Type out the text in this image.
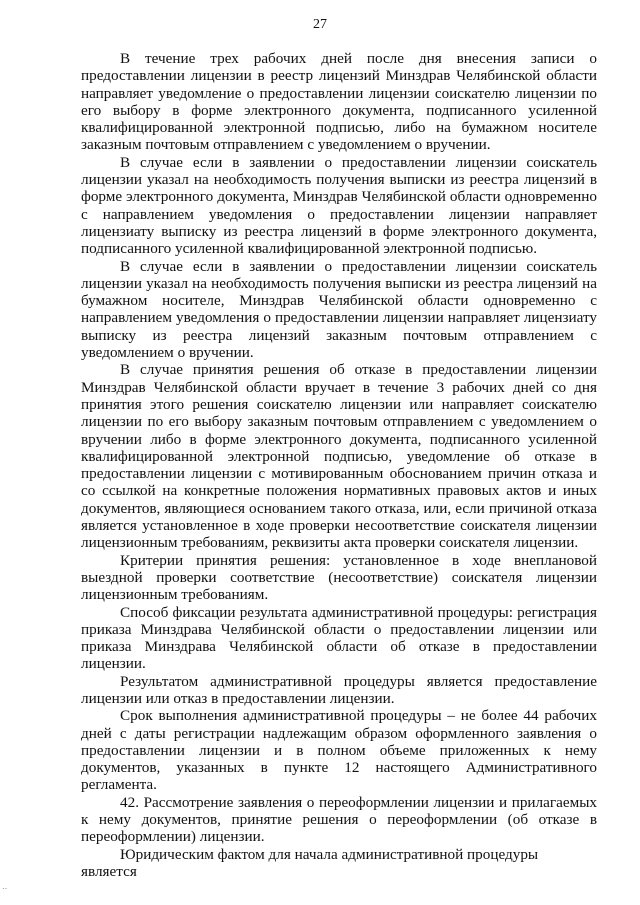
27

В течение трех рабочих дней после дня внесения записи о предоставлении лицензии в реестр лицензий Минздрав Челябинской области направляет уведомление о предоставлении лицензии соискателю лицензии по его выбору в форме электронного документа, подписанного усиленной квалифицированной электронной подписью, либо на бумажном носителе заказным почтовым отправлением с уведомлением о вручении.

В случае если в заявлении о предоставлении лицензии соискатель лицензии указал на необходимость получения выписки из реестра лицензий в форме электронного документа, Минздрав Челябинской области одновременно с направлением уведомления о предоставлении лицензии направляет лицензиату выписку из реестра лицензий в форме электронного документа, подписанного усиленной квалифицированной электронной подписью.

В случае если в заявлении о предоставлении лицензии соискатель лицензии указал на необходимость получения выписки из реестра лицензий на бумажном носителе, Минздрав Челябинской области одновременно с направлением уведомления о предоставлении лицензии направляет лицензиату выписку из реестра лицензий заказным почтовым отправлением с уведомлением о вручении.

В случае принятия решения об отказе в предоставлении лицензии Минздрав Челябинской области вручает в течение 3 рабочих дней со дня принятия этого решения соискателю лицензии или направляет соискателю лицензии по его выбору заказным почтовым отправлением с уведомлением о вручении либо в форме электронного документа, подписанного усиленной квалифицированной электронной подписью, уведомление об отказе в предоставлении лицензии с мотивированным обоснованием причин отказа и со ссылкой на конкретные положения нормативных правовых актов и иных документов, являющиеся основанием такого отказа, или, если причиной отказа является установленное в ходе проверки несоответствие соискателя лицензии лицензионным требованиям, реквизиты акта проверки соискателя лицензии.

Критерии принятия решения: установленное в ходе внеплановой выездной проверки соответствие (несоответствие) соискателя лицензии лицензионным требованиям.

Способ фиксации результата административной процедуры: регистрация приказа Минздрава Челябинской области о предоставлении лицензии или приказа Минздрава Челябинской области об отказе в предоставлении лицензии.

Результатом административной процедуры является предоставление лицензии или отказ в предоставлении лицензии.

Срок выполнения административной процедуры – не более 44 рабочих дней с даты регистрации надлежащим образом оформленного заявления о предоставлении лицензии и в полном объеме приложенных к нему документов, указанных в пункте 12 настоящего Административного регламента.

42. Рассмотрение заявления о переоформлении лицензии и прилагаемых к нему документов, принятие решения о переоформлении (об отказе в переоформлении) лицензии.

Юридическим фактом для начала административной процедуры является

․․
